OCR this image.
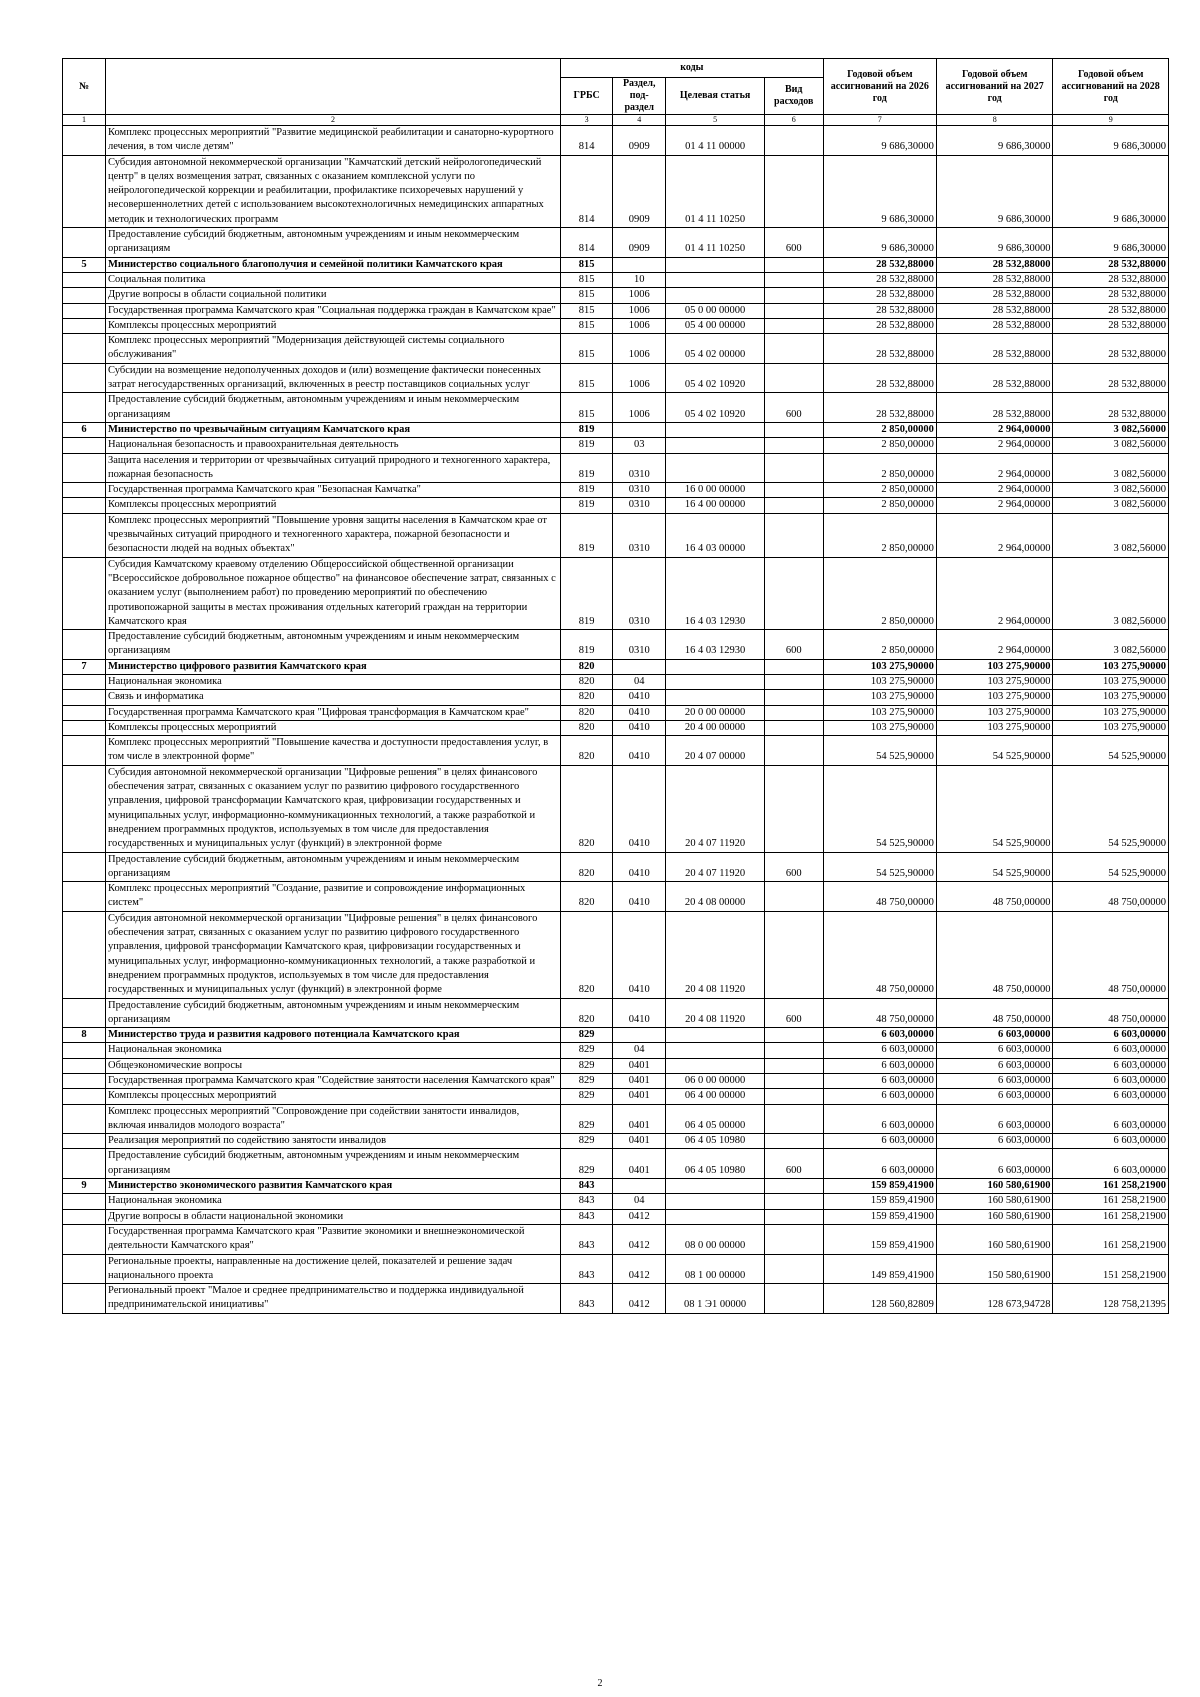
№		коды				Годовой объем ассигнований на 2026 год	Годовой объем ассигнований на 2027 год	Годовой объем ассигнований на 2028 год
		ГРБС	Раздел, под-раздел	Целевая статья	Вид расходов			
1	2	3	4	5	6	7	8	9
	Комплекс процессных мероприятий "Развитие медицинской реабилитации и санаторно-курортного лечения, в том числе детям"	814	0909	01 4 11 00000		9 686,30000	9 686,30000	9 686,30000
	Субсидия автономной некоммерческой организации "Камчатский детский нейрологопедический центр" в целях возмещения затрат, связанных с оказанием комплексной услуги по нейрологопедической коррекции и реабилитации, профилактике психоречевых нарушений у несовершеннолетних детей с использованием высокотехнологичных немедицинских аппаратных методик и технологических программ	814	0909	01 4 11 10250		9 686,30000	9 686,30000	9 686,30000
	Предоставление субсидий бюджетным, автономным учреждениям и иным некоммерческим организациям	814	0909	01 4 11 10250	600	9 686,30000	9 686,30000	9 686,30000
5	Министерство социального благополучия и семейной политики Камчатского края	815				28 532,88000	28 532,88000	28 532,88000
	Социальная политика	815	10			28 532,88000	28 532,88000	28 532,88000
	Другие вопросы в области социальной политики	815	1006			28 532,88000	28 532,88000	28 532,88000
	Государственная программа Камчатского края "Социальная поддержка граждан в Камчатском крае"	815	1006	05 0 00 00000		28 532,88000	28 532,88000	28 532,88000
	Комплексы процессных мероприятий	815	1006	05 4 00 00000		28 532,88000	28 532,88000	28 532,88000
	Комплекс процессных мероприятий "Модернизация действующей системы социального обслуживания"	815	1006	05 4 02 00000		28 532,88000	28 532,88000	28 532,88000
	Субсидии на возмещение недополученных доходов и (или) возмещение фактически понесенных затрат негосударственных организаций, включенных в реестр поставщиков социальных услуг	815	1006	05 4 02 10920		28 532,88000	28 532,88000	28 532,88000
	Предоставление субсидий бюджетным, автономным учреждениям и иным некоммерческим организациям	815	1006	05 4 02 10920	600	28 532,88000	28 532,88000	28 532,88000
6	Министерство по чрезвычайным ситуациям Камчатского края	819				2 850,00000	2 964,00000	3 082,56000
	Национальная безопасность и правоохранительная деятельность	819	03			2 850,00000	2 964,00000	3 082,56000
	Защита населения и территории от чрезвычайных ситуаций природного и техногенного характера, пожарная безопасность	819	0310			2 850,00000	2 964,00000	3 082,56000
	Государственная программа Камчатского края "Безопасная Камчатка"	819	0310	16 0 00 00000		2 850,00000	2 964,00000	3 082,56000
	Комплексы процессных мероприятий	819	0310	16 4 00 00000		2 850,00000	2 964,00000	3 082,56000
	Комплекс процессных мероприятий "Повышение уровня защиты населения в Камчатском крае от чрезвычайных ситуаций природного и техногенного характера, пожарной безопасности и безопасности людей на водных объектах"	819	0310	16 4 03 00000		2 850,00000	2 964,00000	3 082,56000
	Субсидия Камчатскому краевому отделению Общероссийской общественной организации "Всероссийское добровольное пожарное общество" на финансовое обеспечение затрат, связанных с оказанием услуг (выполнением работ) по проведению мероприятий по обеспечению противопожарной защиты в местах проживания отдельных категорий граждан на территории Камчатского края	819	0310	16 4 03 12930		2 850,00000	2 964,00000	3 082,56000
	Предоставление субсидий бюджетным, автономным учреждениям и иным некоммерческим организациям	819	0310	16 4 03 12930	600	2 850,00000	2 964,00000	3 082,56000
7	Министерство цифрового развития Камчатского края	820				103 275,90000	103 275,90000	103 275,90000
	Национальная экономика	820	04			103 275,90000	103 275,90000	103 275,90000
	Связь и информатика	820	0410			103 275,90000	103 275,90000	103 275,90000
	Государственная программа Камчатского края "Цифровая трансформация в Камчатском крае"	820	0410	20 0 00 00000		103 275,90000	103 275,90000	103 275,90000
	Комплексы процессных мероприятий	820	0410	20 4 00 00000		103 275,90000	103 275,90000	103 275,90000
	Комплекс процессных мероприятий "Повышение качества и доступности предоставления услуг, в том числе в электронной форме"	820	0410	20 4 07 00000		54 525,90000	54 525,90000	54 525,90000
	Субсидия автономной некоммерческой организации "Цифровые решения" в целях финансового обеспечения затрат, связанных с оказанием услуг по развитию цифрового государственного управления, цифровой трансформации Камчатского края, цифровизации государственных и муниципальных услуг, информационно-коммуникационных технологий, а также разработкой и внедрением программных продуктов, используемых в том числе для предоставления государственных и муниципальных услуг (функций) в электронной форме	820	0410	20 4 07 11920		54 525,90000	54 525,90000	54 525,90000
	Предоставление субсидий бюджетным, автономным учреждениям и иным некоммерческим организациям	820	0410	20 4 07 11920	600	54 525,90000	54 525,90000	54 525,90000
	Комплекс процессных мероприятий "Создание, развитие и сопровождение информационных систем"	820	0410	20 4 08 00000		48 750,00000	48 750,00000	48 750,00000
	Субсидия автономной некоммерческой организации "Цифровые решения" в целях финансового обеспечения затрат, связанных с оказанием услуг по развитию цифрового государственного управления, цифровой трансформации Камчатского края, цифровизации государственных и муниципальных услуг, информационно-коммуникационных технологий, а также разработкой и внедрением программных продуктов, используемых в том числе для предоставления государственных и муниципальных услуг (функций) в электронной форме	820	0410	20 4 08 11920		48 750,00000	48 750,00000	48 750,00000
	Предоставление субсидий бюджетным, автономным учреждениям и иным некоммерческим организациям	820	0410	20 4 08 11920	600	48 750,00000	48 750,00000	48 750,00000
8	Министерство труда и развития кадрового потенциала Камчатского края	829				6 603,00000	6 603,00000	6 603,00000
	Национальная экономика	829	04			6 603,00000	6 603,00000	6 603,00000
	Общеэкономические вопросы	829	0401			6 603,00000	6 603,00000	6 603,00000
	Государственная программа Камчатского края "Содействие занятости населения Камчатского края"	829	0401	06 0 00 00000		6 603,00000	6 603,00000	6 603,00000
	Комплексы процессных мероприятий	829	0401	06 4 00 00000		6 603,00000	6 603,00000	6 603,00000
	Комплекс процессных мероприятий "Сопровождение при содействии занятости инвалидов, включая инвалидов молодого возраста"	829	0401	06 4 05 00000		6 603,00000	6 603,00000	6 603,00000
	Реализация мероприятий по содействию занятости инвалидов	829	0401	06 4 05 10980		6 603,00000	6 603,00000	6 603,00000
	Предоставление субсидий бюджетным, автономным учреждениям и иным некоммерческим организациям	829	0401	06 4 05 10980	600	6 603,00000	6 603,00000	6 603,00000
9	Министерство экономического развития Камчатского края	843				159 859,41900	160 580,61900	161 258,21900
	Национальная экономика	843	04			159 859,41900	160 580,61900	161 258,21900
	Другие вопросы в области национальной экономики	843	0412			159 859,41900	160 580,61900	161 258,21900
	Государственная программа Камчатского края "Развитие экономики и внешнеэкономической деятельности Камчатского края"	843	0412	08 0 00 00000		159 859,41900	160 580,61900	161 258,21900
	Региональные проекты, направленные на достижение целей, показателей и решение задач национального проекта	843	0412	08 1 00 00000		149 859,41900	150 580,61900	151 258,21900
	Региональный проект "Малое и среднее предпринимательство и поддержка индивидуальной предпринимательской инициативы"	843	0412	08 1 Э1 00000		128 560,82809	128 673,94728	128 758,21395
2
